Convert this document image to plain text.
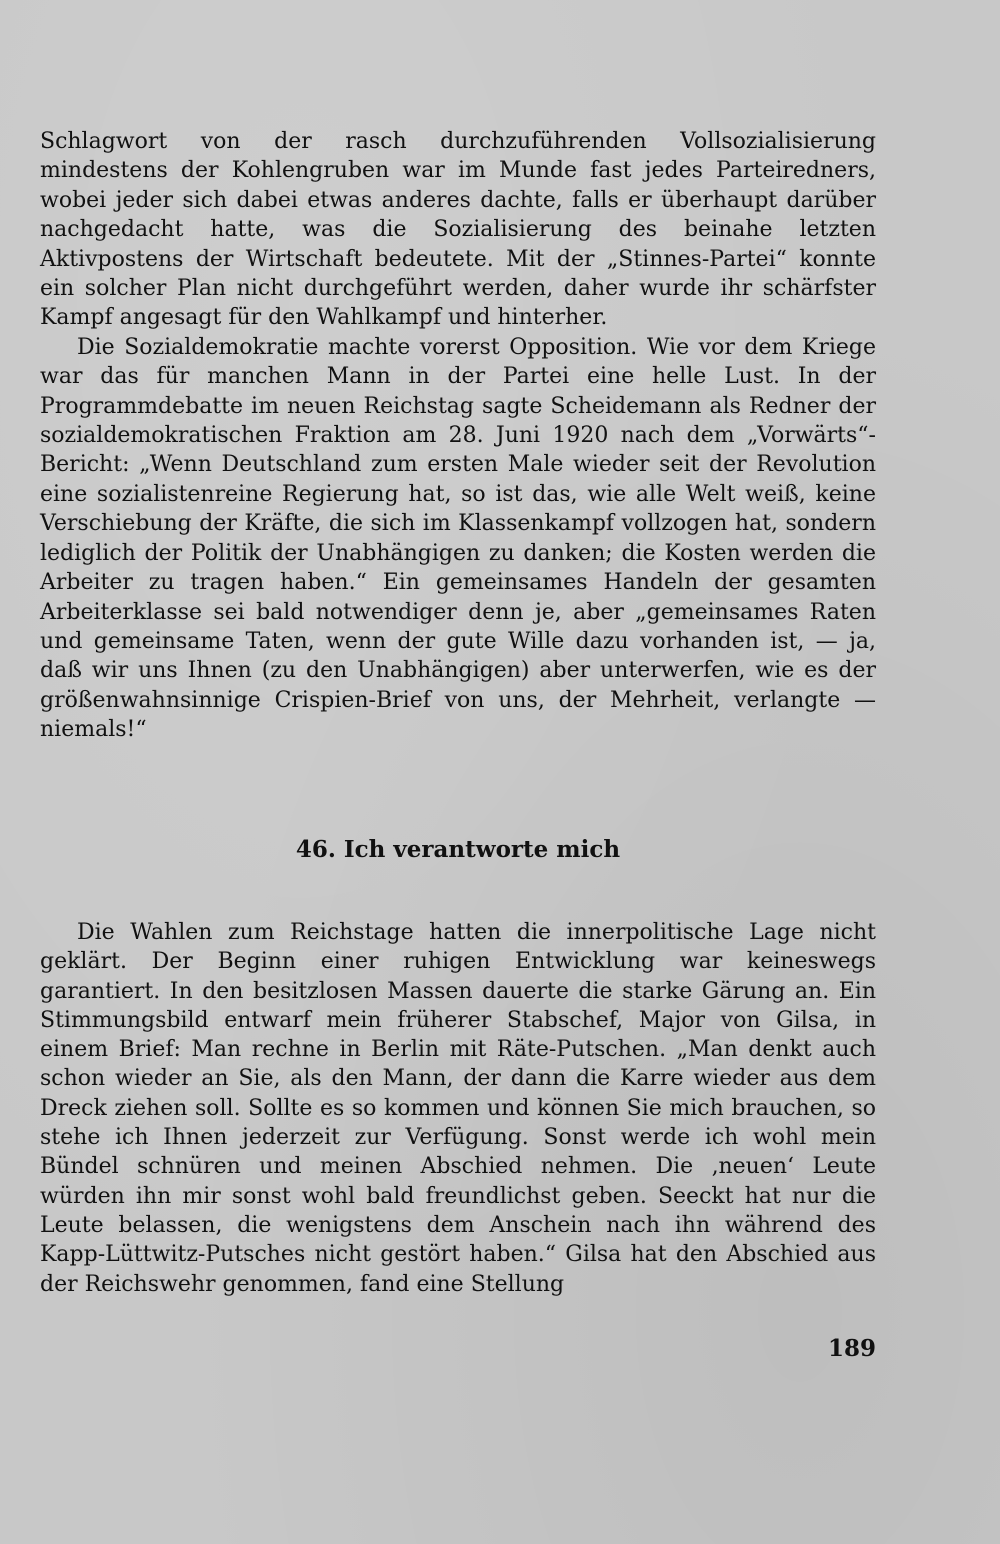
Schlagwort von der rasch durchzuführenden Vollsozialisierung mindestens der Kohlengruben war im Munde fast jedes Parteiredners, wobei jeder sich dabei etwas anderes dachte, falls er überhaupt darüber nachgedacht hatte, was die Sozialisierung des beinahe letzten Aktivpostens der Wirtschaft bedeutete. Mit der „Stinnes-Partei“ konnte ein solcher Plan nicht durchgeführt werden, daher wurde ihr schärfster Kampf angesagt für den Wahlkampf und hinterher.

Die Sozialdemokratie machte vorerst Opposition. Wie vor dem Kriege war das für manchen Mann in der Partei eine helle Lust. In der Programmdebatte im neuen Reichstag sagte Scheidemann als Redner der sozialdemokratischen Fraktion am 28. Juni 1920 nach dem „Vorwärts“-Bericht: „Wenn Deutschland zum ersten Male wieder seit der Revolution eine sozialistenreine Regierung hat, so ist das, wie alle Welt weiß, keine Verschiebung der Kräfte, die sich im Klassenkampf vollzogen hat, sondern lediglich der Politik der Unabhängigen zu danken; die Kosten werden die Arbeiter zu tragen haben.“ Ein gemeinsames Handeln der gesamten Arbeiterklasse sei bald notwendiger denn je, aber „gemeinsames Raten und gemeinsame Taten, wenn der gute Wille dazu vorhanden ist, — ja, daß wir uns Ihnen (zu den Unabhängigen) aber unterwerfen, wie es der größenwahnsinnige Crispien-Brief von uns, der Mehrheit, verlangte — niemals!“

46. Ich verantworte mich

Die Wahlen zum Reichstage hatten die innerpolitische Lage nicht geklärt. Der Beginn einer ruhigen Entwicklung war keineswegs garantiert. In den besitzlosen Massen dauerte die starke Gärung an. Ein Stimmungsbild entwarf mein früherer Stabschef, Major von Gilsa, in einem Brief: Man rechne in Berlin mit Räte-Putschen. „Man denkt auch schon wieder an Sie, als den Mann, der dann die Karre wieder aus dem Dreck ziehen soll. Sollte es so kommen und können Sie mich brauchen, so stehe ich Ihnen jederzeit zur Verfügung. Sonst werde ich wohl mein Bündel schnüren und meinen Abschied nehmen. Die ‚neuen‘ Leute würden ihn mir sonst wohl bald freundlichst geben. Seeckt hat nur die Leute belassen, die wenigstens dem Anschein nach ihn während des Kapp-Lüttwitz-Putsches nicht gestört haben.“ Gilsa hat den Abschied aus der Reichswehr genommen, fand eine Stellung

189
